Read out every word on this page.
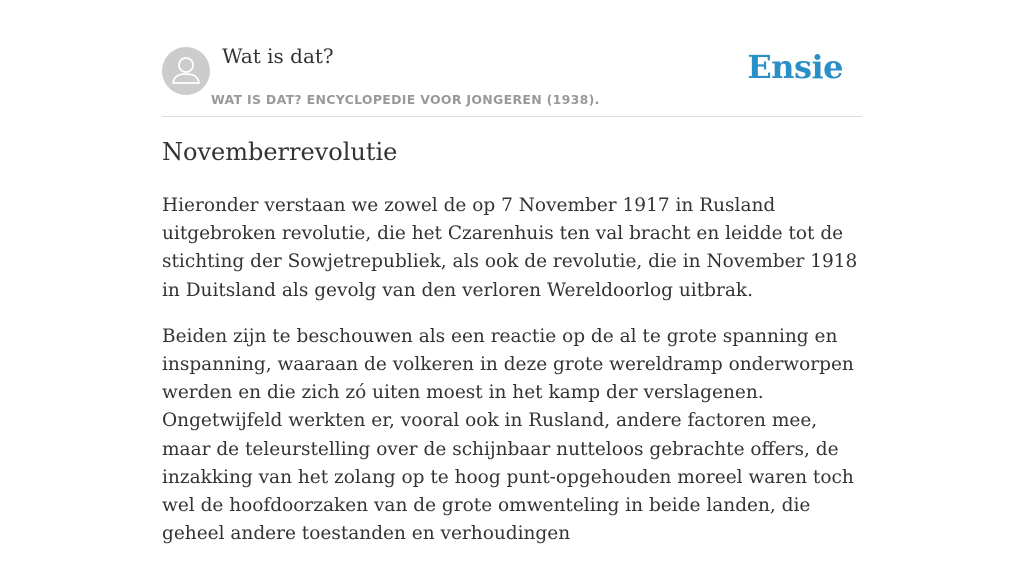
Wat is dat?
WAT IS DAT? ENCYCLOPEDIE VOOR JONGEREN (1938).
Ensie
Novemberrevolutie

Hieronder verstaan we zowel de op 7 November 1917 in Rusland uitgebroken revolutie, die het Czarenhuis ten val bracht en leidde tot de stichting der Sowjetrepubliek, als ook de revolutie, die in November 1918 in Duitsland als gevolg van den verloren Wereldoorlog uitbrak.

Beiden zijn te beschouwen als een reactie op de al te grote spanning en inspanning, waaraan de volkeren in deze grote wereldramp onderworpen werden en die zich zó uiten moest in het kamp der verslagenen. Ongetwijfeld werkten er, vooral ook in Rusland, andere factoren mee, maar de teleurstelling over de schijnbaar nutteloos gebrachte offers, de inzakking van het zolang op te hoog punt-opgehouden moreel waren toch wel de hoofdoorzaken van de grote omwenteling in beide landen, die geheel andere toestanden en verhoudingen
